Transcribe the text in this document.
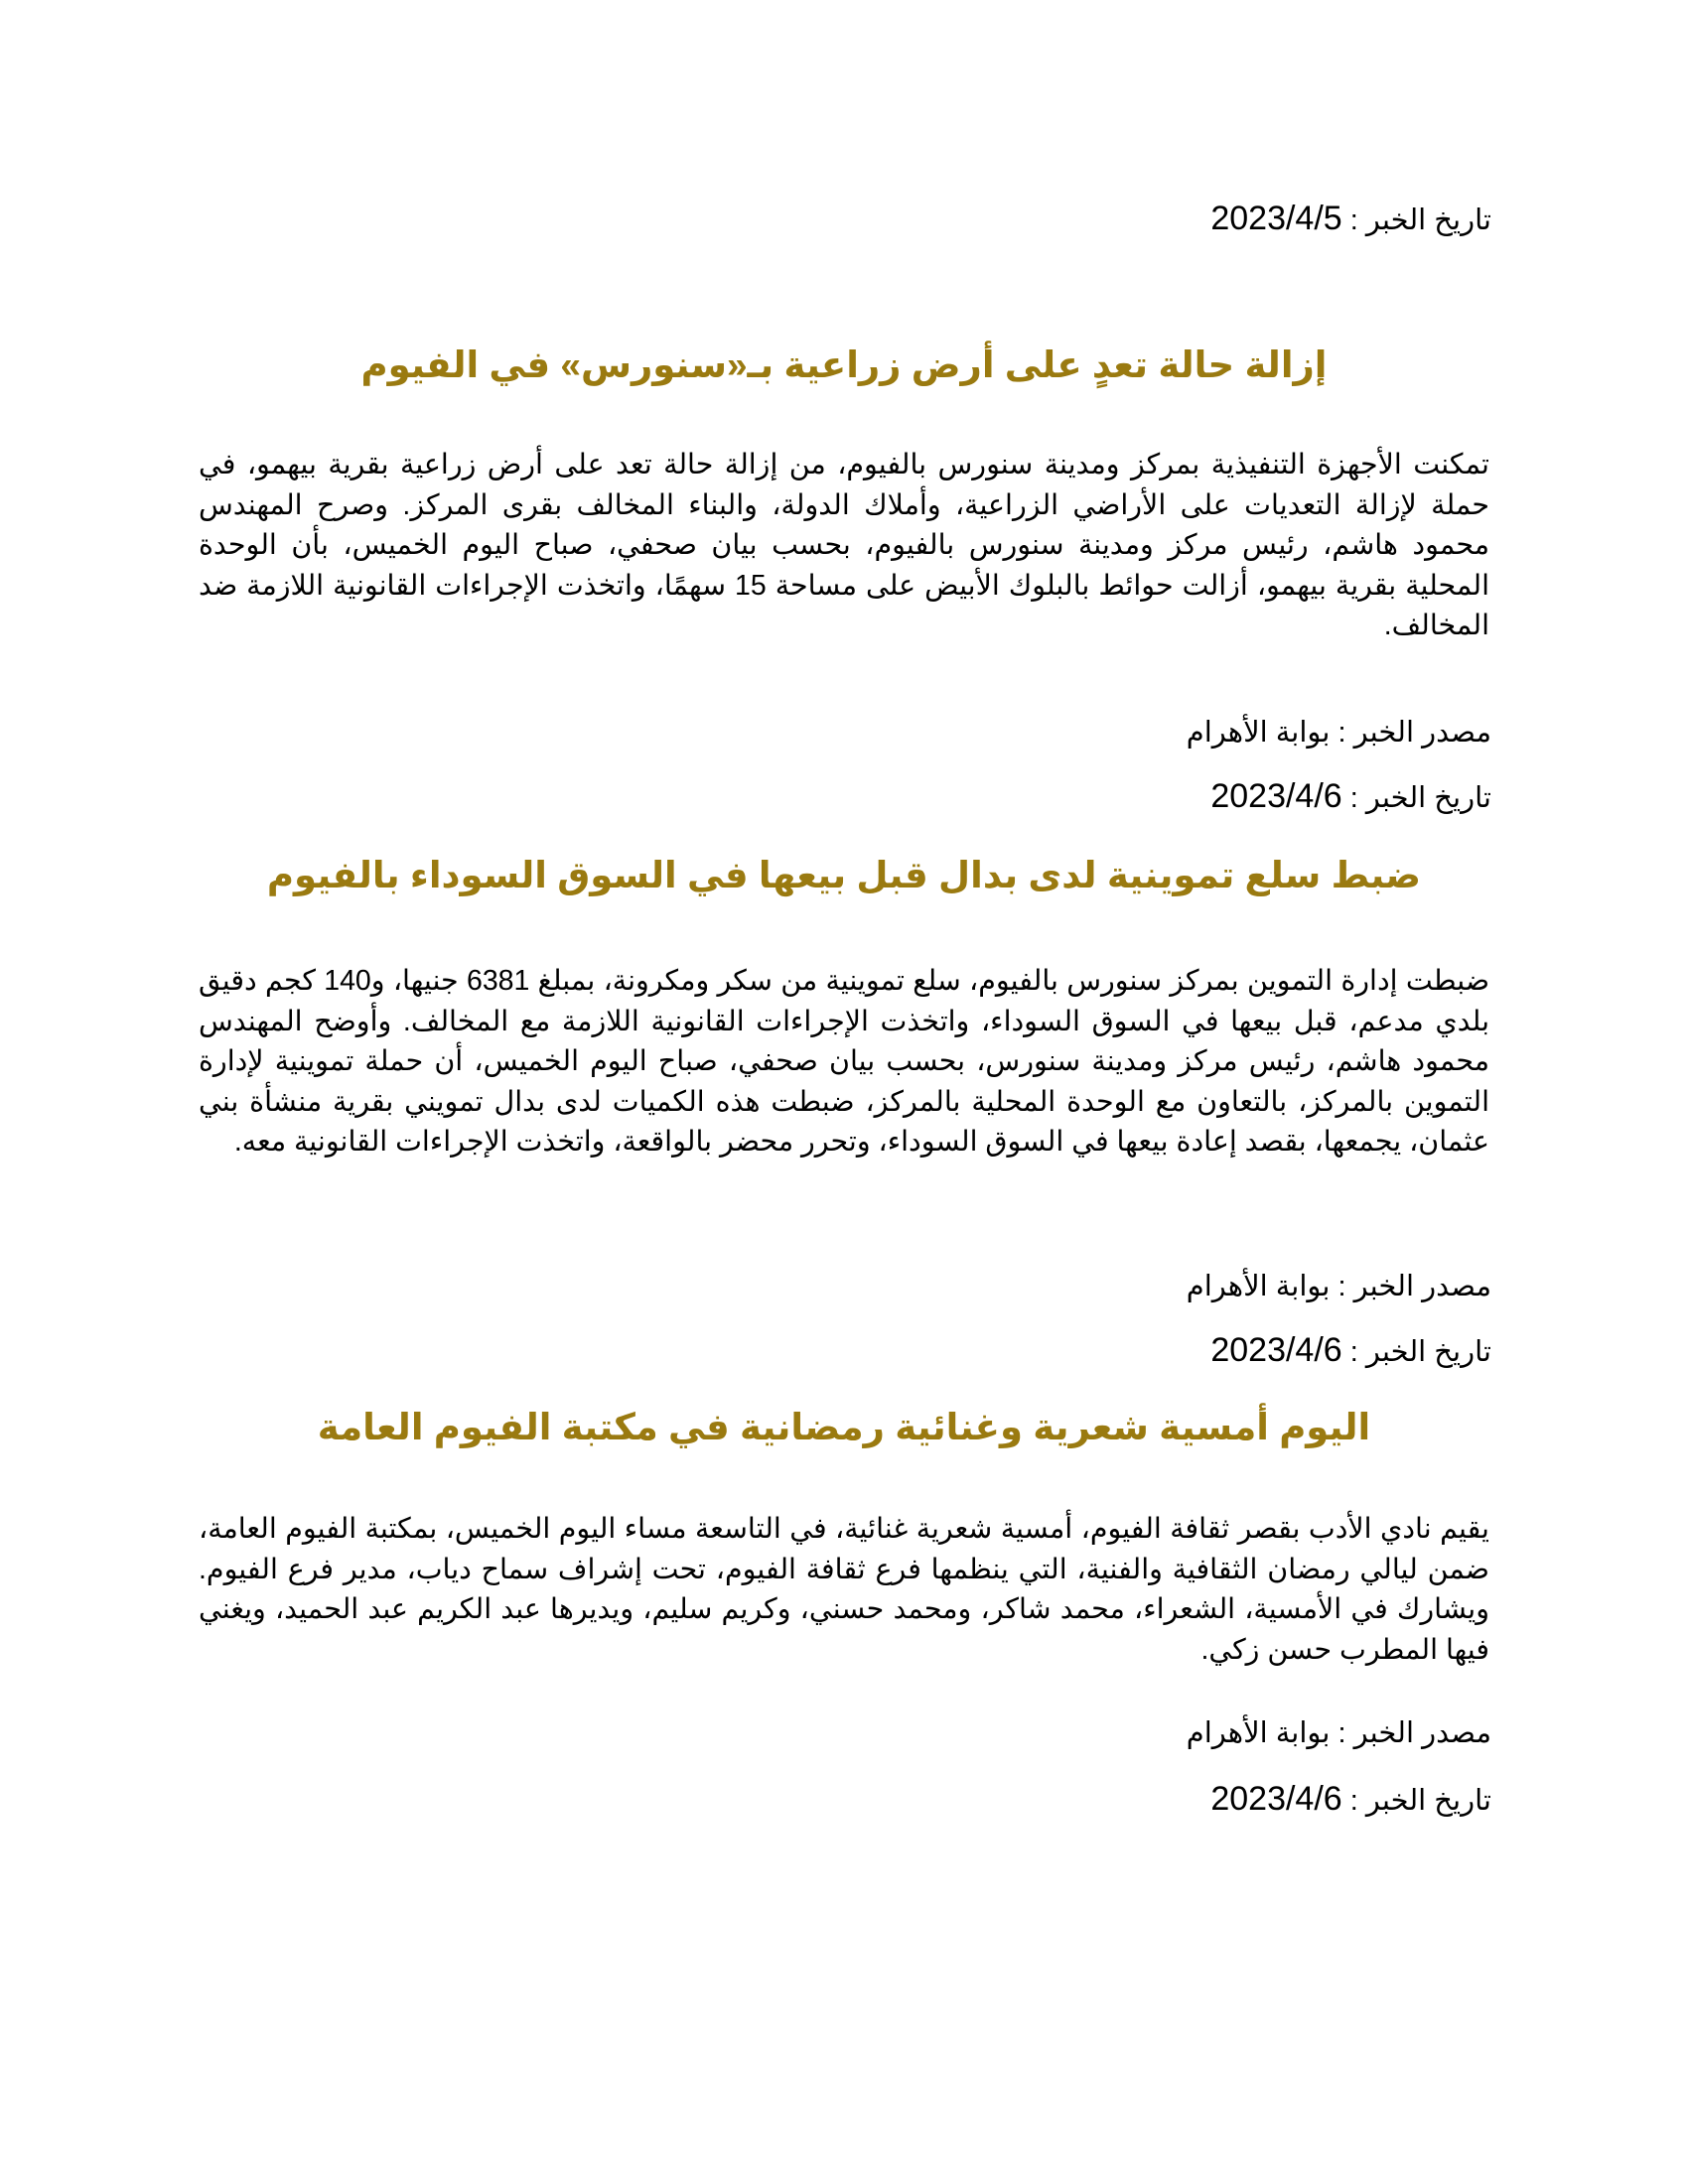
تاريخ الخبر : 2023/4/5
إزالة حالة تعدٍ على أرض زراعية بـ«سنورس» في الفيوم
تمكنت الأجهزة التنفيذية بمركز ومدينة سنورس بالفيوم، من إزالة حالة تعد على أرض زراعية بقرية بيهمو، في حملة لإزالة التعديات على الأراضي الزراعية، وأملاك الدولة، والبناء المخالف بقرى المركز. وصرح المهندس محمود هاشم، رئيس مركز ومدينة سنورس بالفيوم، بحسب بيان صحفي، صباح اليوم الخميس، بأن الوحدة المحلية بقرية بيهمو، أزالت حوائط بالبلوك الأبيض على مساحة 15 سهمًا، واتخذت الإجراءات القانونية اللازمة ضد المخالف.
مصدر الخبر : بوابة الأهرام
تاريخ الخبر : 2023/4/6
ضبط سلع تموينية لدى بدال قبل بيعها في السوق السوداء بالفيوم
ضبطت إدارة التموين بمركز سنورس بالفيوم، سلع تموينية من سكر ومكرونة، بمبلغ 6381 جنيها، و140 كجم دقيق بلدي مدعم، قبل بيعها في السوق السوداء، واتخذت الإجراءات القانونية اللازمة مع المخالف. وأوضح المهندس محمود هاشم، رئيس مركز ومدينة سنورس، بحسب بيان صحفي، صباح اليوم الخميس، أن حملة تموينية لإدارة التموين بالمركز، بالتعاون مع الوحدة المحلية بالمركز، ضبطت هذه الكميات لدى بدال تمويني بقرية منشأة بني عثمان، يجمعها، بقصد إعادة بيعها في السوق السوداء، وتحرر محضر بالواقعة، واتخذت الإجراءات القانونية معه.
مصدر الخبر : بوابة الأهرام
تاريخ الخبر : 2023/4/6
اليوم أمسية شعرية وغنائية رمضانية في مكتبة الفيوم العامة
يقيم نادي الأدب بقصر ثقافة الفيوم، أمسية شعرية غنائية، في التاسعة مساء اليوم الخميس، بمكتبة الفيوم العامة، ضمن ليالي رمضان الثقافية والفنية، التي ينظمها فرع ثقافة الفيوم، تحت إشراف سماح دياب، مدير فرع الفيوم. ويشارك في الأمسية، الشعراء، محمد شاكر، ومحمد حسني، وكريم سليم، ويديرها عبد الكريم عبد الحميد، ويغني فيها المطرب حسن زكي.
مصدر الخبر : بوابة الأهرام
تاريخ الخبر : 2023/4/6
